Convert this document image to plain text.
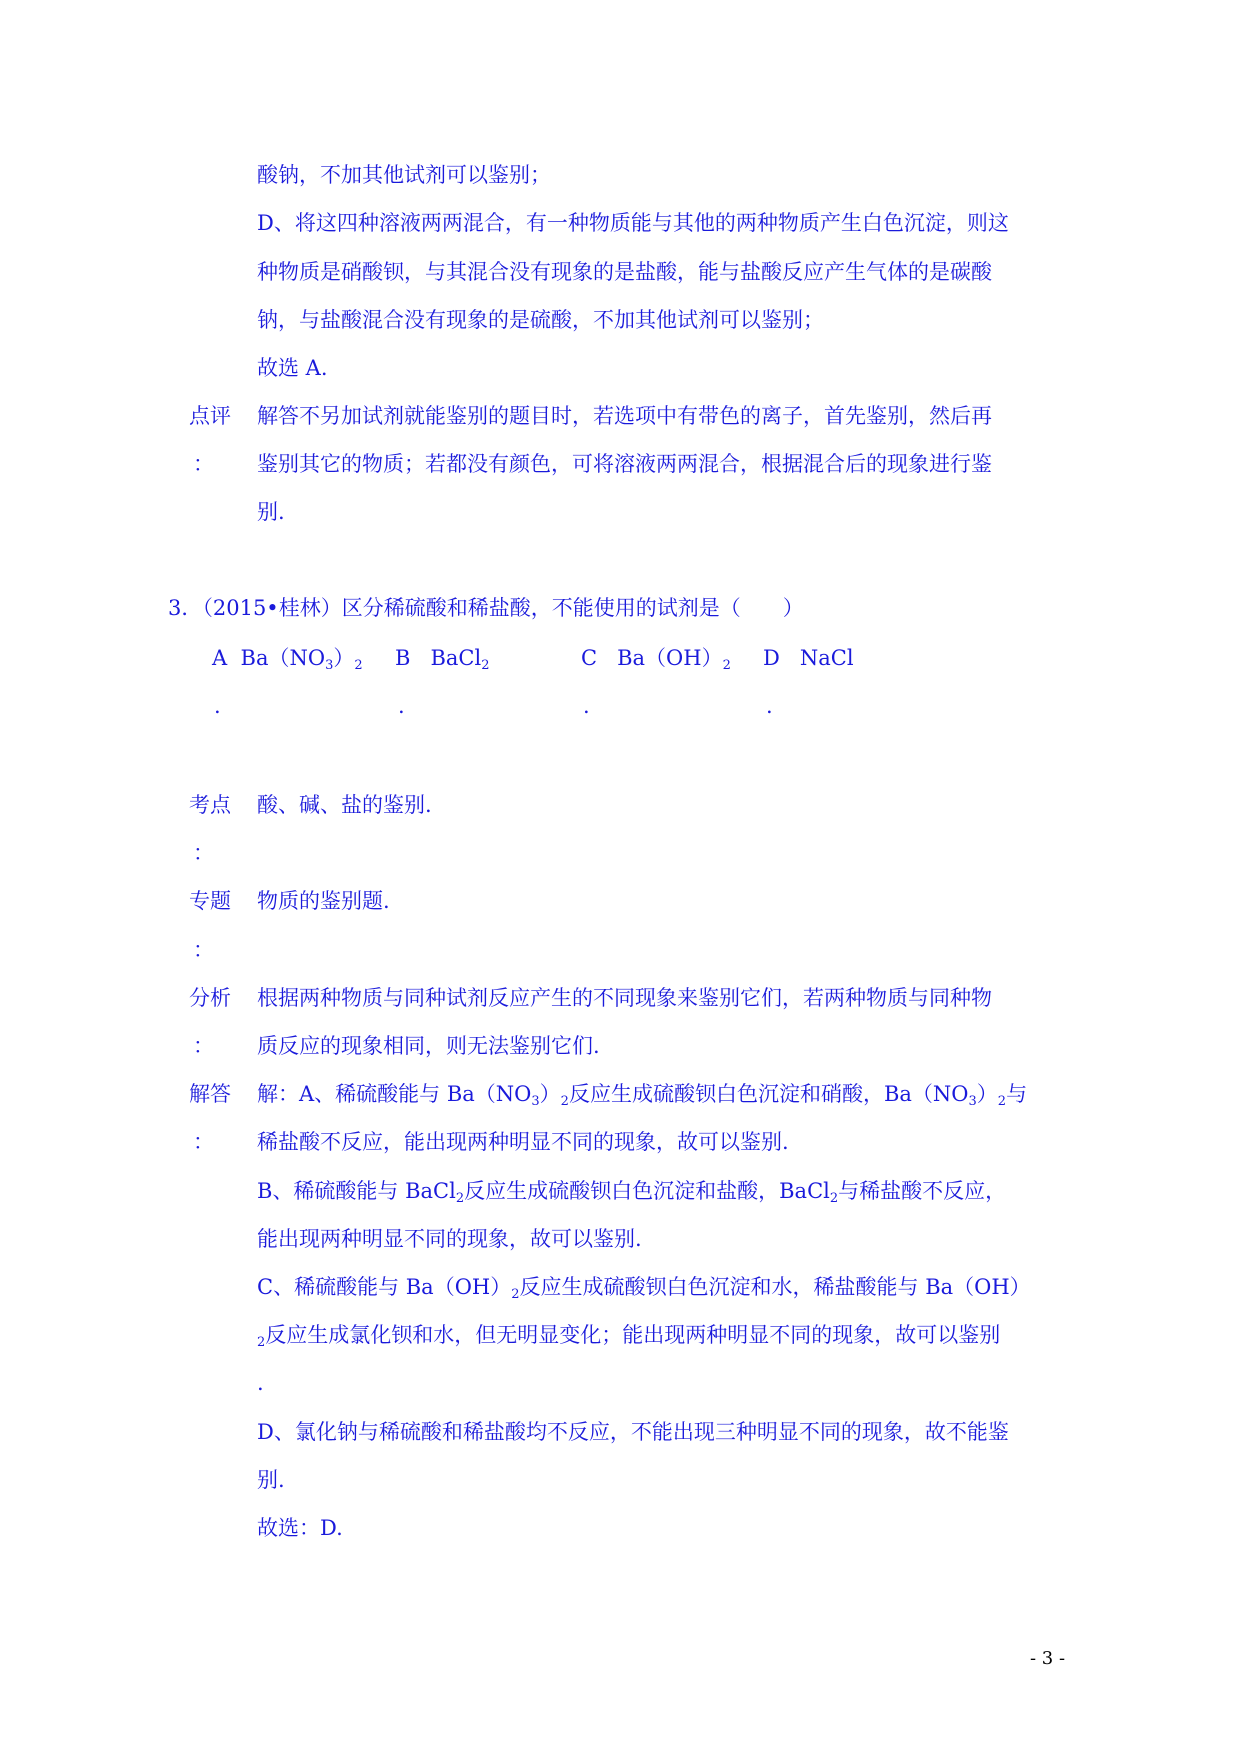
酸钠，不加其他试剂可以鉴别；
D、将这四种溶液两两混合，有一种物质能与其他的两种物质产生白色沉淀，则这
种物质是硝酸钡，与其混合没有现象的是盐酸，能与盐酸反应产生气体的是碳酸
钠，与盐酸混合没有现象的是硫酸，不加其他试剂可以鉴别；
故选 A.
点评
：
解答不另加试剂就能鉴别的题目时，若选项中有带色的离子，首先鉴别，然后再
鉴别其它的物质；若都没有颜色，可将溶液两两混合，根据混合后的现象进行鉴
别.
3．（2015•桂林）区分稀硫酸和稀盐酸，不能使用的试剂是（　　）
A $Ba(NO_3)_2$ B BaCl$_2$	C $Ba(OH)_2$ D NaCl
.	.	.	.
考点 酸、碱、盐的鉴别.
：
专题 物质的鉴别题.
：
分析 根据两种物质与同种试剂反应产生的不同现象来鉴别它们，若两种物质与同种物
： 质反应的现象相同，则无法鉴别它们.
解答
：
解：A、稀硫酸能与 $Ba(NO_3)_2$反应生成硫酸钡白色沉淀和硝酸，$Ba(NO_3)_2$与
稀盐酸不反应，能出现两种明显不同的现象，故可以鉴别.
B、稀硫酸能与 BaCl$_2$反应生成硫酸钡白色沉淀和盐酸，BaCl$_2$与稀盐酸不反应，
能出现两种明显不同的现象，故可以鉴别.
C、稀硫酸能与 $Ba(OH)_2$反应生成硫酸钡白色沉淀和水，稀盐酸能与 Ba（OH）
$_2$反应生成氯化钡和水，但无明显变化；能出现两种明显不同的现象，故可以鉴别
.
D、氯化钠与稀硫酸和稀盐酸均不反应，不能出现三种明显不同的现象，故不能鉴
别.
故选：D.
- 3 -
